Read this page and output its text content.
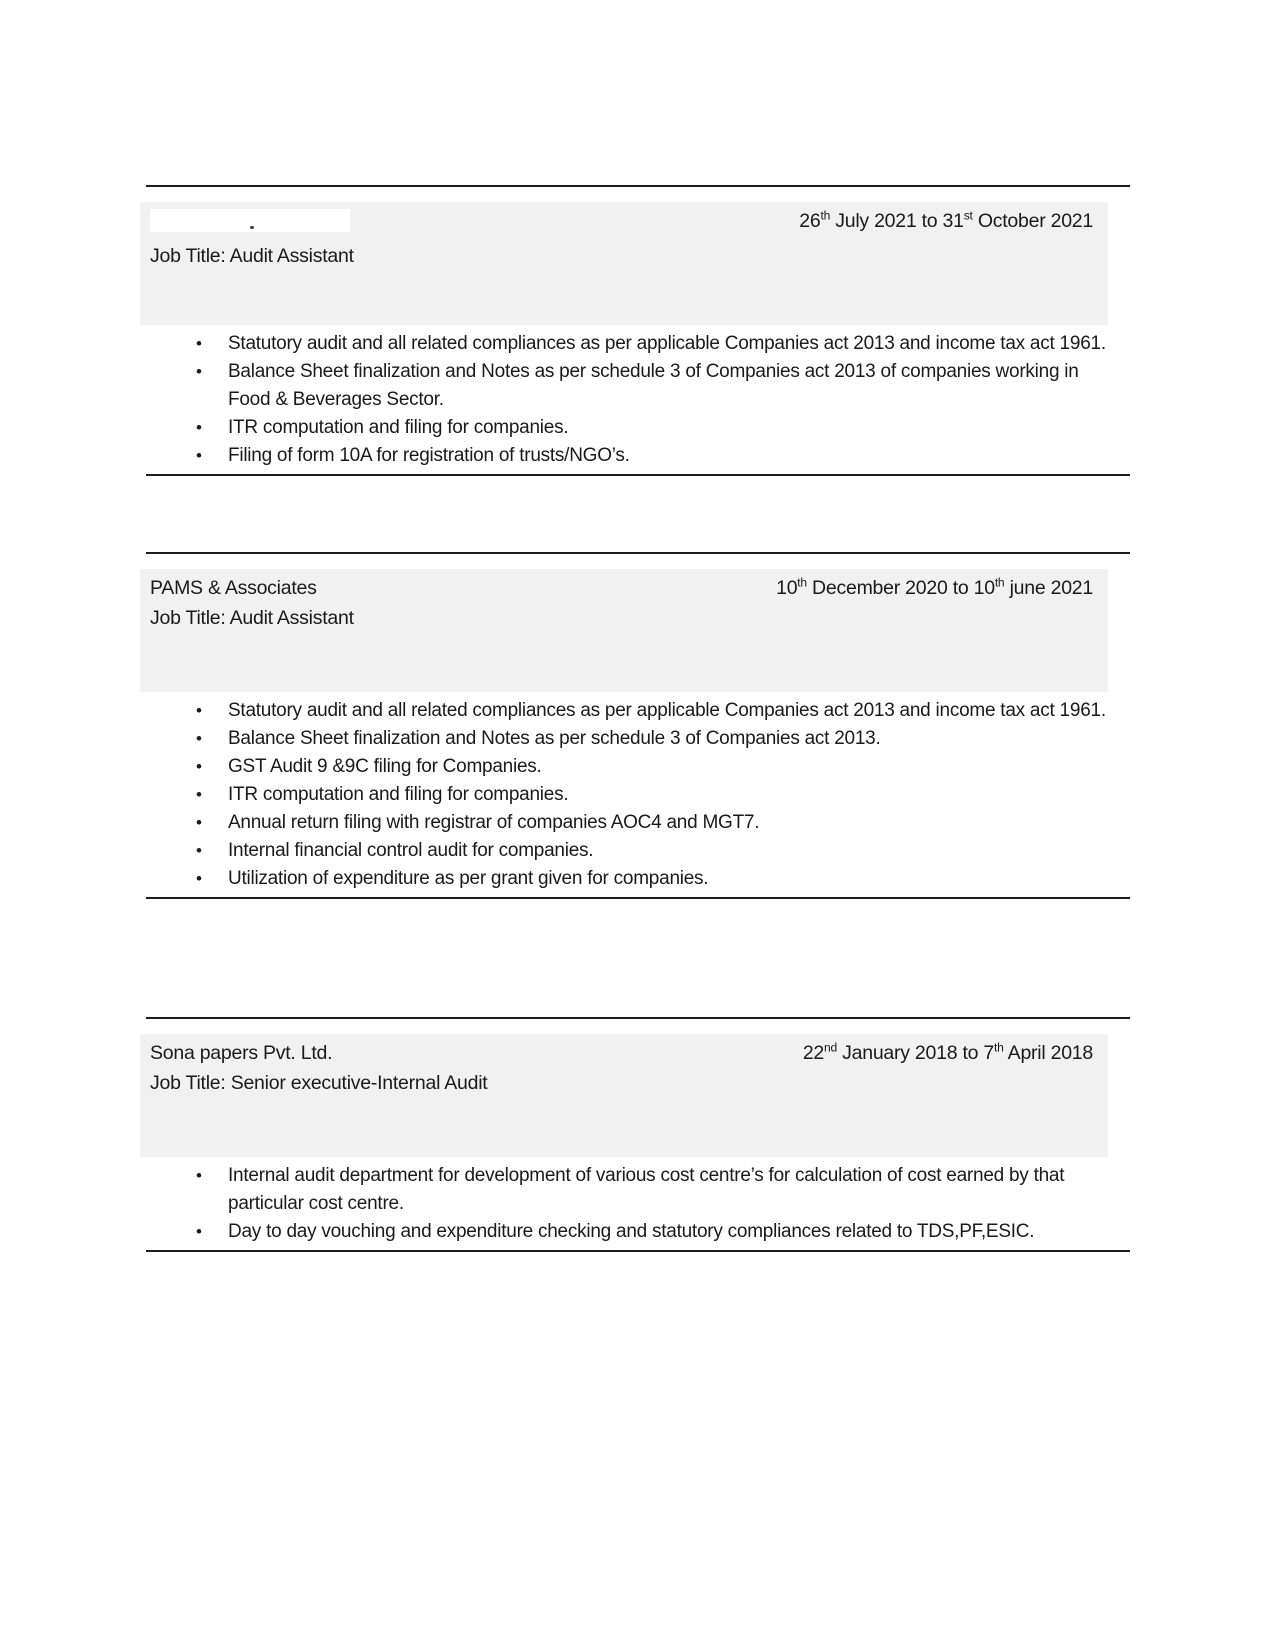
26th July 2021 to 31st October 2021
Job Title: Audit Assistant
•	Statutory audit and all related compliances as per applicable Companies act 2013 and income tax act 1961.
•	Balance Sheet finalization and Notes as per schedule 3 of Companies act 2013 of companies working in Food & Beverages Sector.
•	ITR computation and filing for companies.
•	Filing of form 10A for registration of trusts/NGO’s.
PAMS & Associates	10th December 2020 to 10th june 2021
Job Title: Audit Assistant
•	Statutory audit and all related compliances as per applicable Companies act 2013 and income tax act 1961.
•	Balance Sheet finalization and Notes as per schedule 3 of Companies act 2013.
•	GST Audit 9 &9C filing for Companies.
•	ITR computation and filing for companies.
•	Annual return filing with registrar of companies AOC4 and MGT7.
•	Internal financial control audit for companies.
•	Utilization of expenditure as per grant given for companies.
Sona papers Pvt. Ltd.	22nd January 2018 to 7th April 2018
Job Title: Senior executive-Internal Audit
•	Internal audit department for development of various cost centre’s for calculation of cost earned by that particular cost centre.
•	Day to day vouching and expenditure checking and statutory compliances related to TDS,PF,ESIC.
